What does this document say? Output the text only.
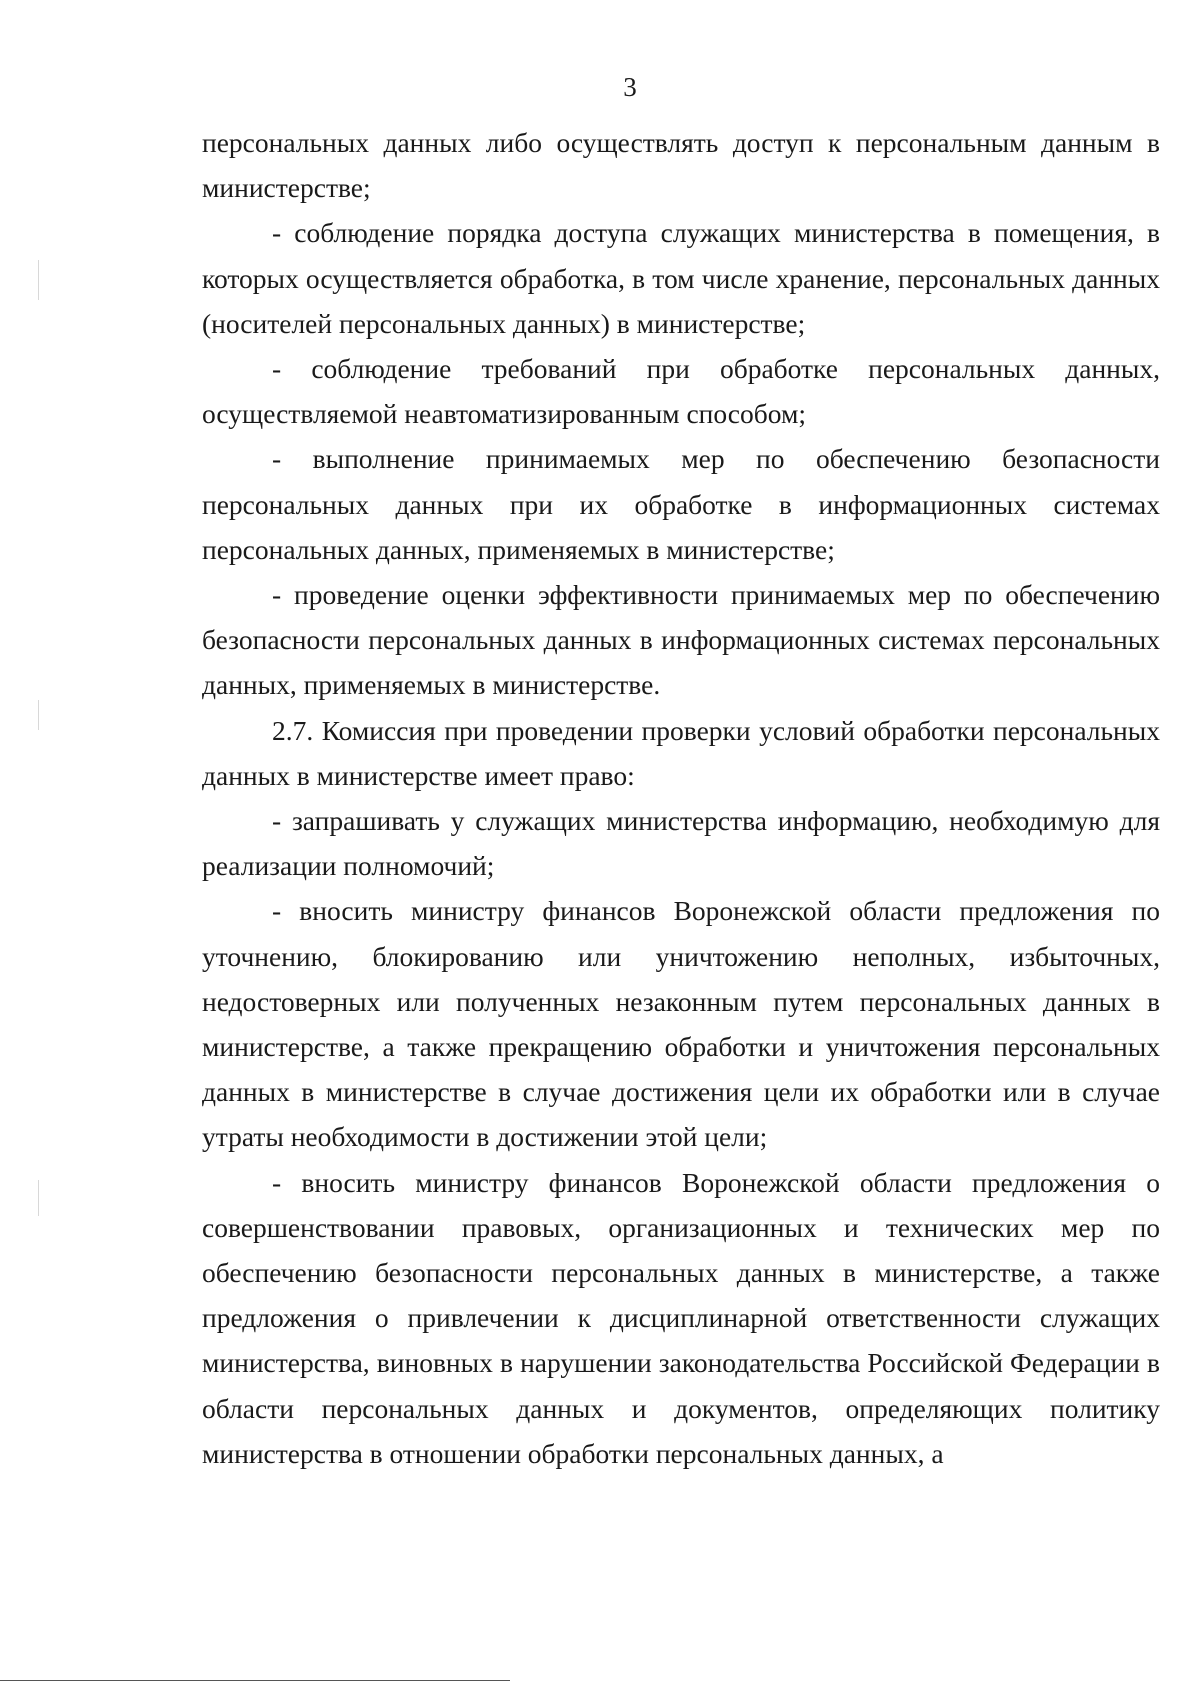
3

персональных данных либо осуществлять доступ к персональным данным в министерстве;

- соблюдение порядка доступа служащих министерства в помещения, в которых осуществляется обработка, в том числе хранение, персональных данных (носителей персональных данных) в министерстве;

- соблюдение требований при обработке персональных данных, осуществляемой неавтоматизированным способом;

- выполнение принимаемых мер по обеспечению безопасности персональных данных при их обработке в информационных системах персональных данных, применяемых в министерстве;

- проведение оценки эффективности принимаемых мер по обеспечению безопасности персональных данных в информационных системах персональных данных, применяемых в министерстве.

2.7. Комиссия при проведении проверки условий обработки персональных данных в министерстве имеет право:

- запрашивать у служащих министерства информацию, необходимую для реализации полномочий;

- вносить министру финансов Воронежской области предложения по уточнению, блокированию или уничтожению неполных, избыточных, недостоверных или полученных незаконным путем персональных данных в министерстве, а также прекращению обработки и уничтожения персональных данных в министерстве в случае достижения цели их обработки или в случае утраты необходимости в достижении этой цели;

- вносить министру финансов Воронежской области предложения о совершенствовании правовых, организационных и технических мер по обеспечению безопасности персональных данных в министерстве, а также предложения о привлечении к дисциплинарной ответственности служащих министерства, виновных в нарушении законодательства Российской Федерации в области персональных данных и документов, определяющих политику министерства в отношении обработки персональных данных, а
